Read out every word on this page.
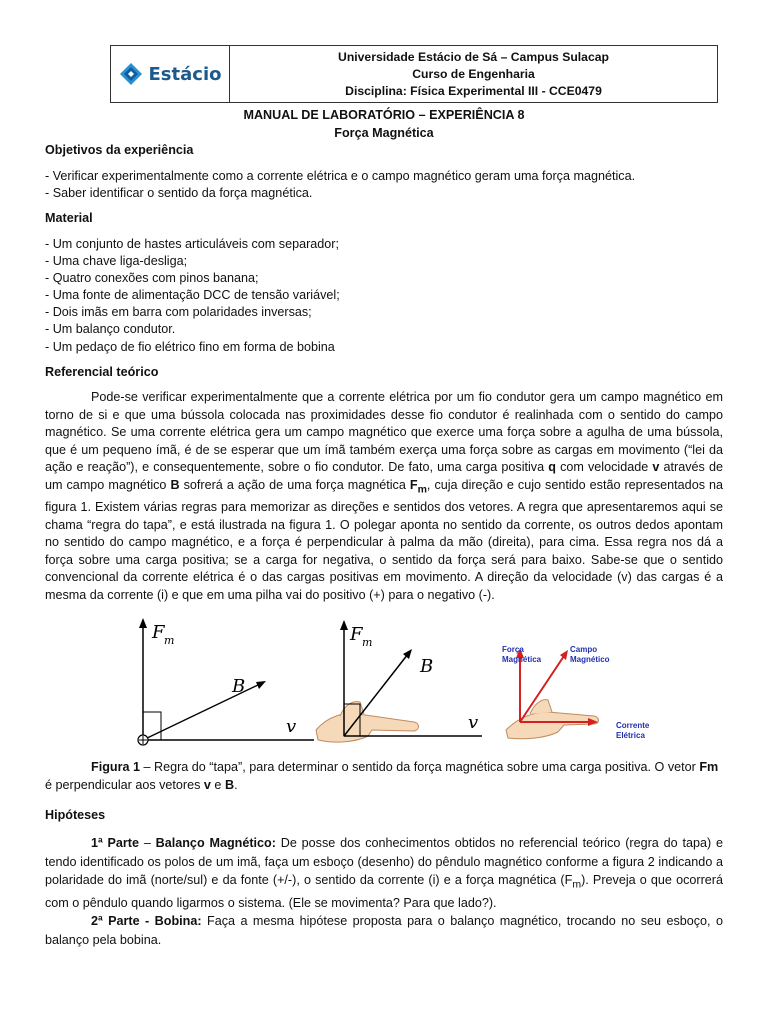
Estácio
Universidade Estácio de Sá – Campus Sulacap
Curso de Engenharia
Disciplina: Física Experimental III - CCE0479
MANUAL DE LABORATÓRIO – EXPERIÊNCIA 8
Força Magnética
Objetivos da experiência
- Verificar experimentalmente como a corrente elétrica e o campo magnético geram uma força magnética.
- Saber identificar o sentido da força magnética.
Material
- Um conjunto de hastes articuláveis com separador;
- Uma chave liga-desliga;
- Quatro conexões com pinos banana;
- Uma fonte de alimentação DCC de tensão variável;
- Dois imãs em barra com polaridades inversas;
- Um balanço condutor.
- Um pedaço de fio elétrico fino em forma de bobina
Referencial teórico
Pode-se verificar experimentalmente que a corrente elétrica por um fio condutor gera um campo magnético em torno de si e que uma bússola colocada nas proximidades desse fio condutor é realinhada com o sentido do campo magnético. Se uma corrente elétrica gera um campo magnético que exerce uma força sobre a agulha de uma bússola, que é um pequeno ímã, é de se esperar que um ímã também exerça uma força sobre as cargas em movimento (“lei da ação e reação”), e consequentemente, sobre o fio condutor. De fato, uma carga positiva q com velocidade v através de um campo magnético B sofrerá a ação de uma força magnética $F_m$, cuja direção e cujo sentido estão representados na figura 1. Existem várias regras para memorizar as direções e sentidos dos vetores. A regra que apresentaremos aqui se chama “regra do tapa”, e está ilustrada na figura 1. O polegar aponta no sentido da corrente, os outros dedos apontam no sentido do campo magnético, e a força é perpendicular à palma da mão (direita), para cima. Essa regra nos dá a força sobre uma carga positiva; se a carga for negativa, o sentido da força será para baixo. Sabe-se que o sentido convencional da corrente elétrica é o das cargas positivas em movimento. A direção da velocidade (v) das cargas é a mesma da corrente (i) e que em uma pilha vai do positivo (+) para o negativo (-).
F m
B
v
F m
B
v
Força
Magnética
Campo
Magnético
Corrente
Elétrica
Figura 1 – Regra do “tapa”, para determinar o sentido da força magnética sobre uma carga positiva. O vetor Fm é perpendicular aos vetores v e B.
Hipóteses
1ª Parte – Balanço Magnético: De posse dos conhecimentos obtidos no referencial teórico (regra do tapa) e tendo identificado os polos de um imã, faça um esboço (desenho) do pêndulo magnético conforme a figura 2 indicando a polaridade do imã (norte/sul) e da fonte (+/-), o sentido da corrente (i) e a força magnética $(F_m)$. Preveja o que ocorrerá com o pêndulo quando ligarmos o sistema. (Ele se movimenta? Para que lado?).
2ª Parte - Bobina: Faça a mesma hipótese proposta para o balanço magnético, trocando no seu esboço, o balanço pela bobina.
